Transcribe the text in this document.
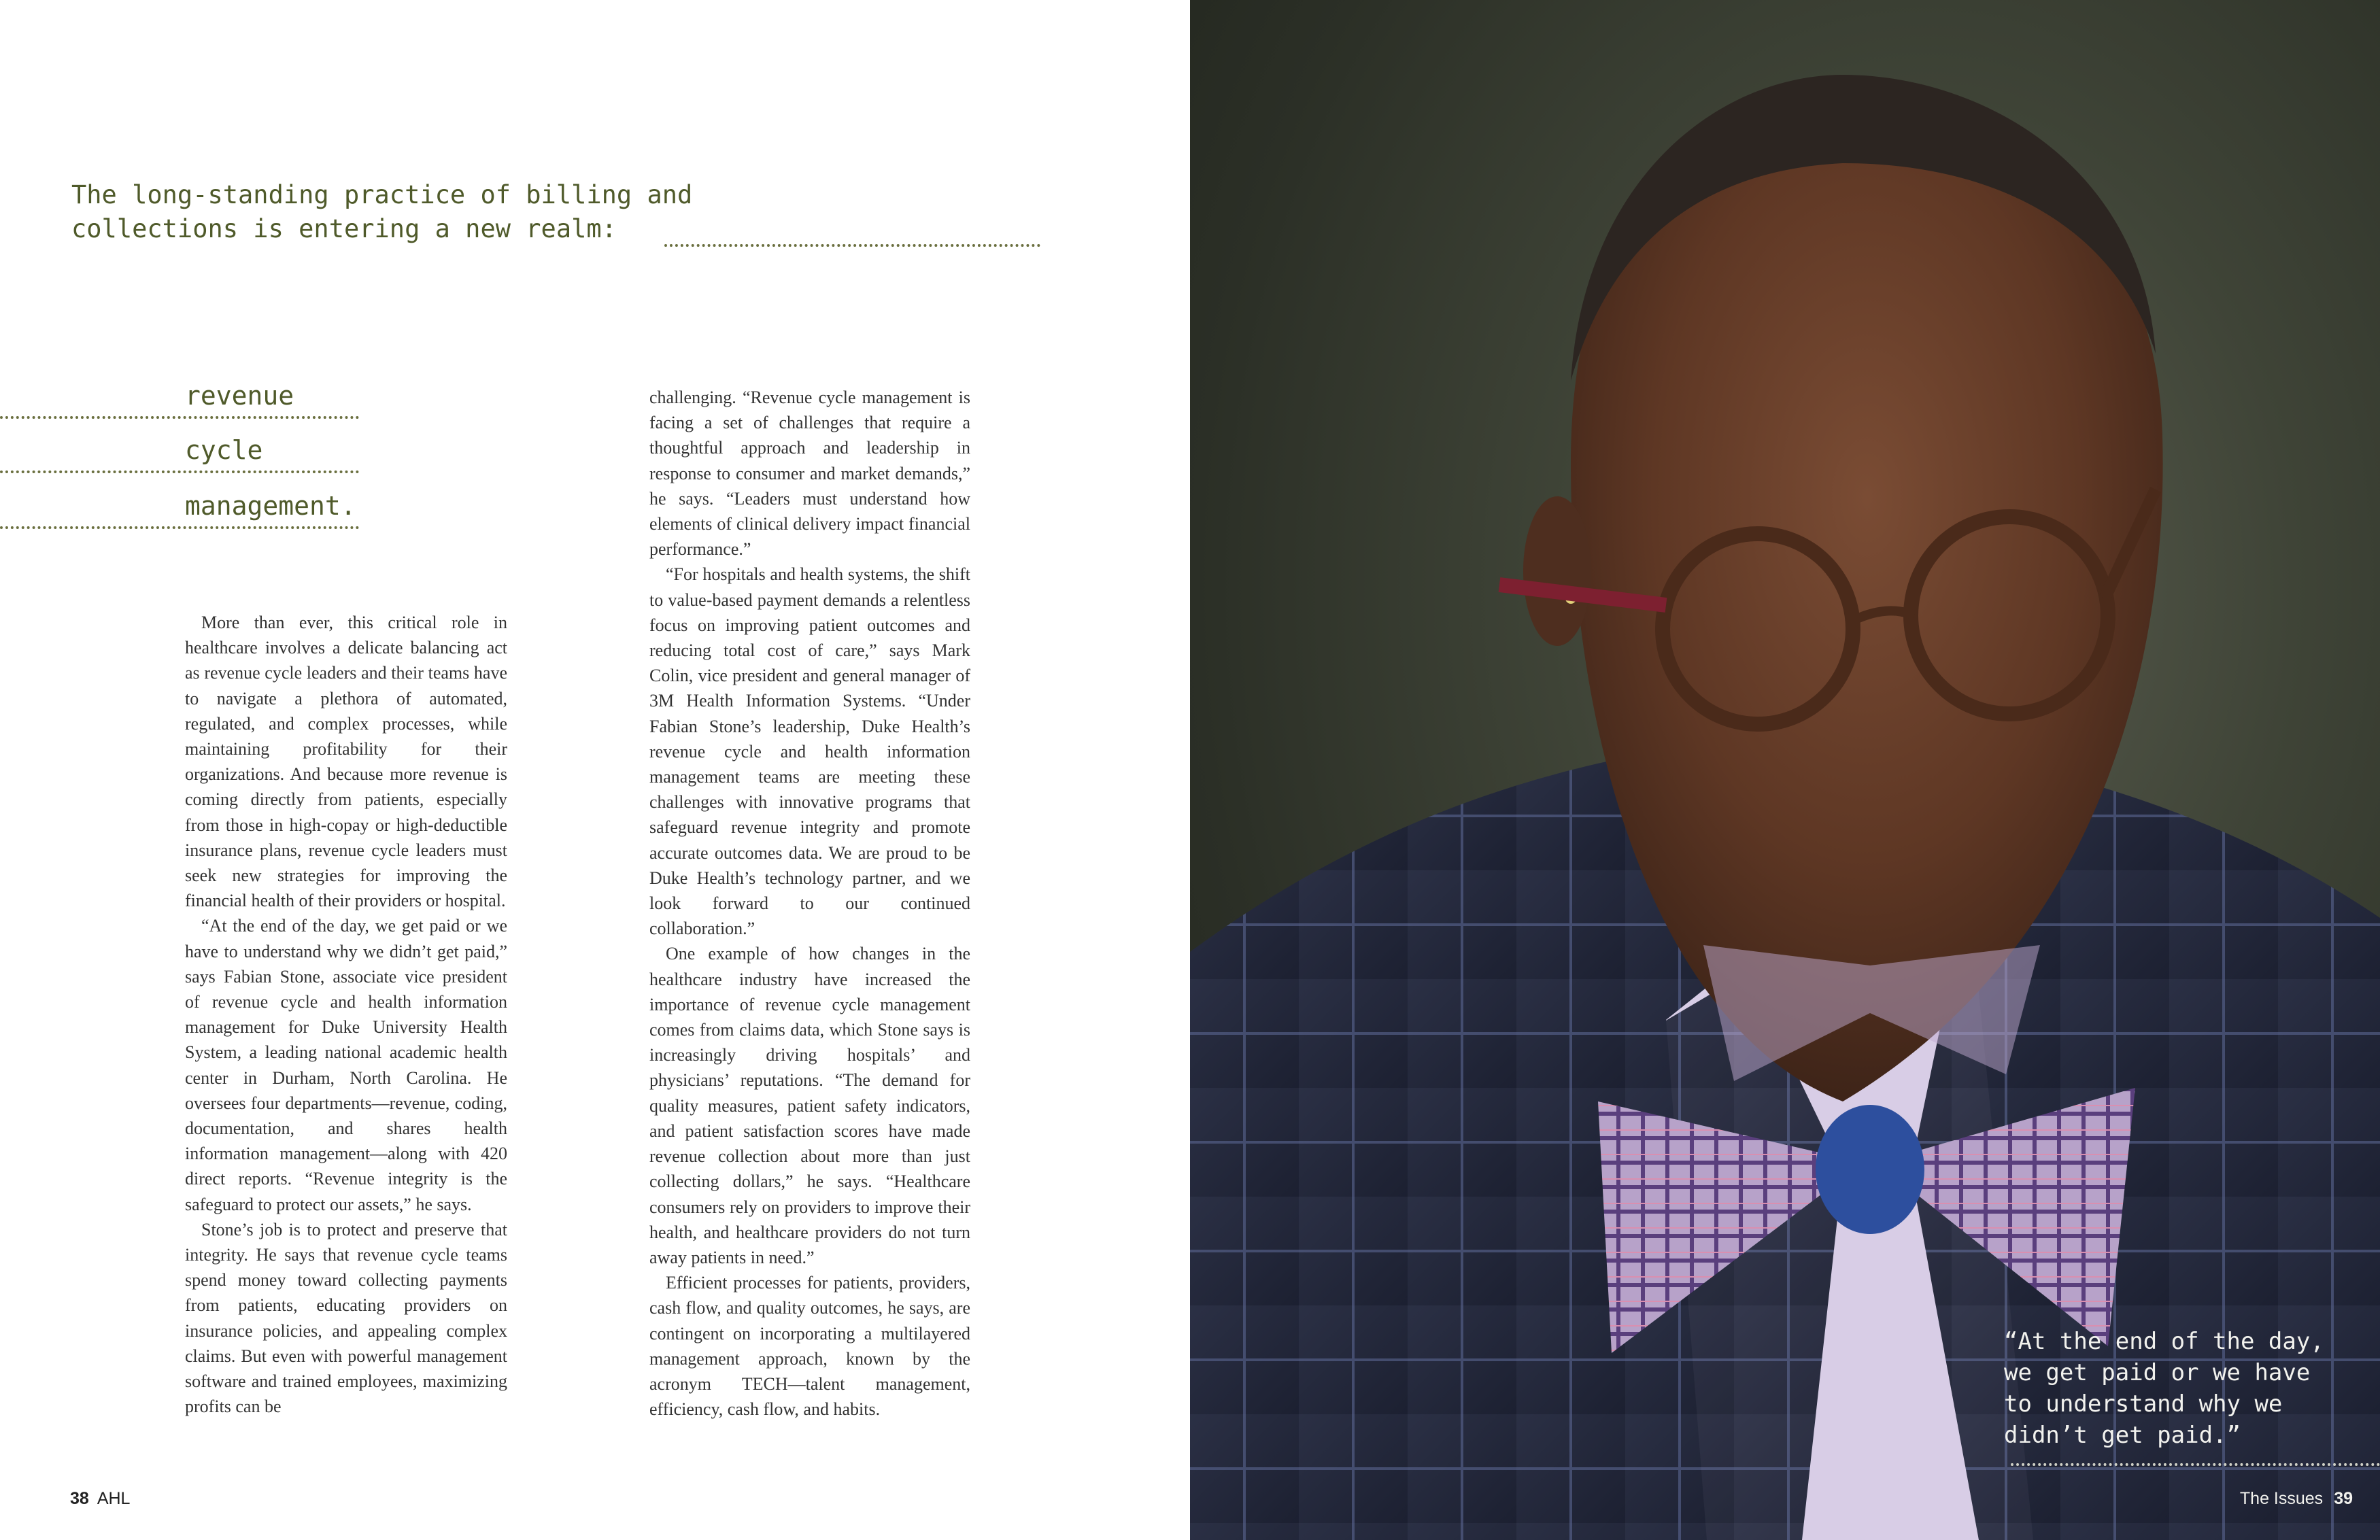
The long-standing practice of billing and
collections is entering a new realm:

revenue
cycle
management.

More than ever, this critical role in healthcare involves a delicate balancing act as revenue cycle leaders and their teams have to navigate a plethora of automated, regulated, and complex processes, while maintaining profitability for their organizations. And because more revenue is coming directly from patients, especially from those in high-copay or high-deductible insurance plans, revenue cycle leaders must seek new strategies for improving the financial health of their providers or hospital.

“At the end of the day, we get paid or we have to understand why we didn’t get paid,” says Fabian Stone, associate vice president of revenue cycle and health information management for Duke University Health System, a leading national academic health center in Durham, North Carolina. He oversees four departments—revenue, coding, documentation, and shares health information management—along with 420 direct reports. “Revenue integrity is the safeguard to protect our assets,” he says.

Stone’s job is to protect and preserve that integrity. He says that revenue cycle teams spend money toward collecting payments from patients, educating providers on insurance policies, and appealing complex claims. But even with powerful management software and trained employees, maximizing profits can be

challenging. “Revenue cycle management is facing a set of challenges that require a thoughtful approach and leadership in response to consumer and market demands,” he says. “Leaders must understand how elements of clinical delivery impact financial performance.”

“For hospitals and health systems, the shift to value-based payment demands a relentless focus on improving patient outcomes and reducing total cost of care,” says Mark Colin, vice president and general manager of 3M Health Information Systems. “Under Fabian Stone’s leadership, Duke Health’s revenue cycle and health information management teams are meeting these challenges with innovative programs that safeguard revenue integrity and promote accurate outcomes data. We are proud to be Duke Health’s technology partner, and we look forward to our continued collaboration.”

One example of how changes in the healthcare industry have increased the importance of revenue cycle management comes from claims data, which Stone says is increasingly driving hospitals’ and physicians’ reputations. “The demand for quality measures, patient safety indicators, and patient satisfaction scores have made revenue collection about more than just collecting dollars,” he says. “Healthcare consumers rely on providers to improve their health, and healthcare providers do not turn away patients in need.”

Efficient processes for patients, providers, cash flow, and quality outcomes, he says, are contingent on incorporating a multilayered management approach, known by the acronym TECH—talent management, efficiency, cash flow, and habits.

38 AHL

“At the end of the day,
we get paid or we have
to understand why we
didn’t get paid.”

The Issues 39
